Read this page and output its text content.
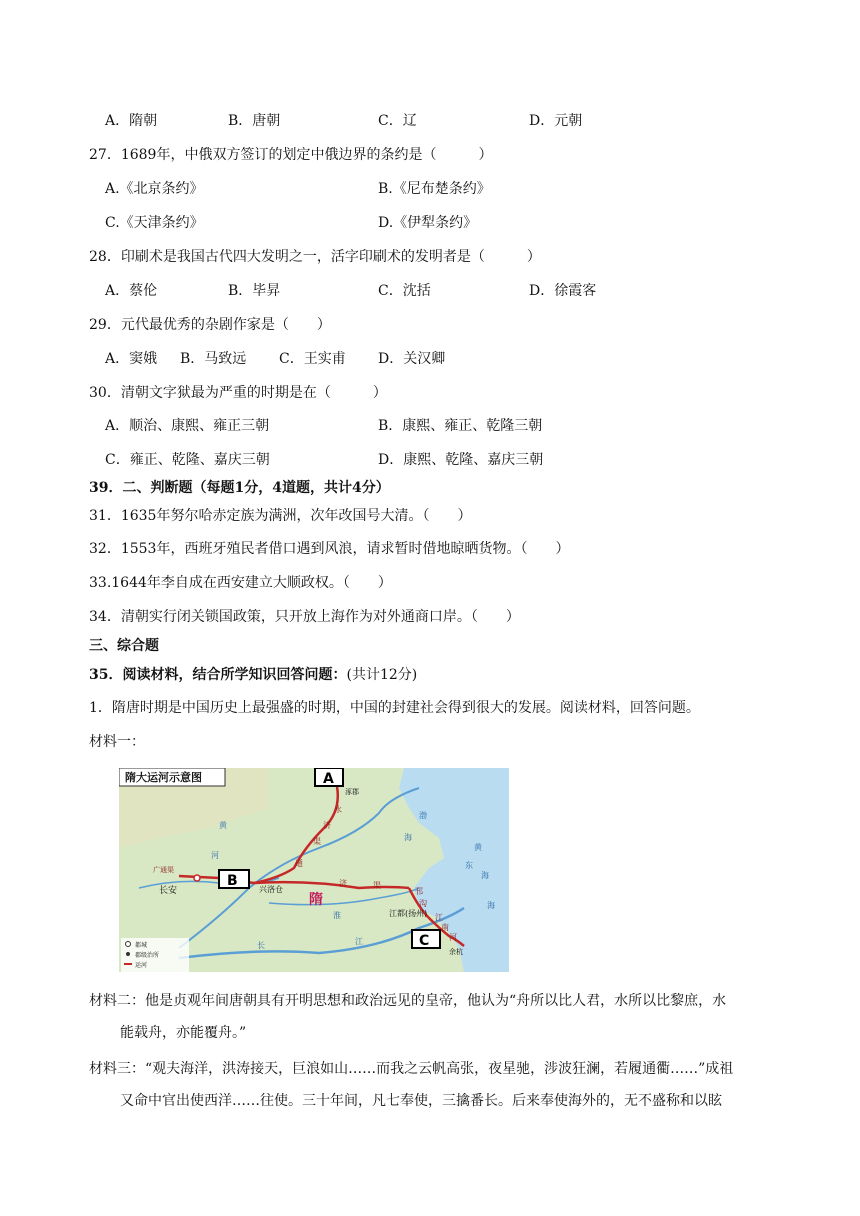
A．隋朝	B．唐朝	C．辽	D．元朝
27．1689年，中俄双方签订的划定中俄边界的条约是（　　　）
A.《北京条约》	B.《尼布楚条约》
C.《天津条约》	D.《伊犁条约》
28．印刷术是我国古代四大发明之一，活字印刷术的发明者是（　　　）
A．蔡伦	B．毕昇	C．沈括	D．徐霞客
29．元代最优秀的杂剧作家是（　　）
A．窦娥 B．马致远 C．王实甫 D．关汉卿
30．清朝文字狱最为严重的时期是在（　　　）
A．顺治、康熙、雍正三朝	B．康熙、雍正、乾隆三朝
C．雍正、乾隆、嘉庆三朝	D．康熙、乾隆、嘉庆三朝
39．二、判断题（每题1分，4道题，共计4分）
31．1635年努尔哈赤定族为满洲，次年改国号大清。（　　）
32．1553年，西班牙殖民者借口遇到风浪，请求暂时借地晾晒货物。（　　）
33.1644年李自成在西安建立大顺政权。（　　）
34．清朝实行闭关锁国政策，只开放上海作为对外通商口岸。（　　）
三、综合题
35．阅读材料，结合所学知识回答问题：(共计12分)
1．隋唐时期是中国历史上最强盛的时期，中国的封建社会得到很大的发展。阅读材料，回答问题。
材料一：
隋大运河示意图	A
B
C
长安	兴洛仓
隋
江都(扬州)
涿郡
余杭
黄
河
渤
海
黄
海
东
海
淮
江
长
永
济
渠
通
济	渠
邗
沟
江
南
河
广通渠
都城
郡级治所
运河
材料二：他是贞观年间唐朝具有开明思想和政治远见的皇帝，他认为“舟所以比人君，水所以比黎庶，水
能载舟，亦能覆舟。”
材料三：“观夫海洋，洪涛接天，巨浪如山……而我之云帆高张，夜星驰，涉波狂澜，若履通衢……”成祖
又命中官出使西洋……往使。三十年间，凡七奉使，三擒番长。后来奉使海外的，无不盛称和以眩
